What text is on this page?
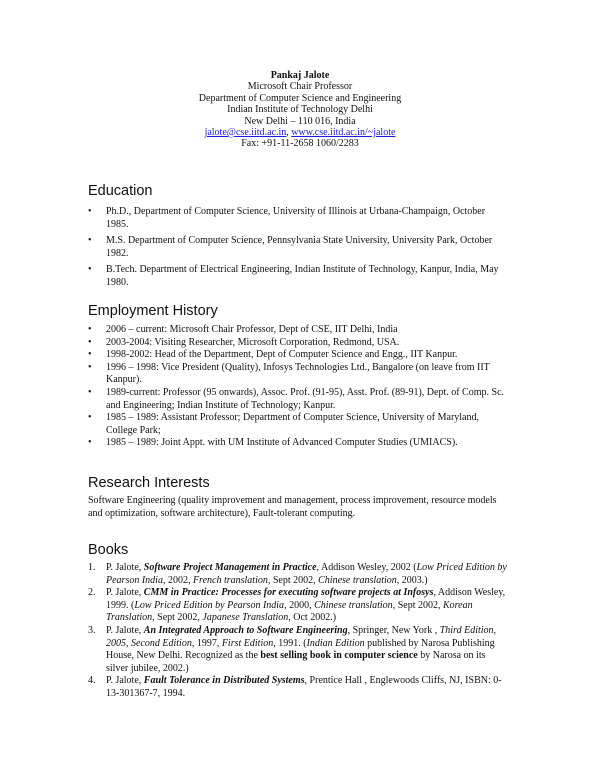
Pankaj Jalote
Microsoft Chair Professor
Department of Computer Science and Engineering
Indian Institute of Technology Delhi
New Delhi – 110 016, India
jalote@cse.iitd.ac.in, www.cse.iitd.ac.in/~jalote
Fax: +91-11-2658 1060/2283
Education
• Ph.D., Department of Computer Science, University of Illinois at Urbana-Champaign, October 1985.
• M.S. Department of Computer Science, Pennsylvania State University, University Park, October 1982.
• B.Tech. Department of Electrical Engineering, Indian Institute of Technology, Kanpur, India, May 1980.
Employment History
• 2006 – current: Microsoft Chair Professor, Dept of CSE, IIT Delhi, India
• 2003-2004: Visiting Researcher, Microsoft Corporation, Redmond, USA.
• 1998-2002: Head of the Department, Dept of Computer Science and Engg., IIT Kanpur.
• 1996 – 1998: Vice President (Quality), Infosys Technologies Ltd., Bangalore (on leave from IIT Kanpur).
• 1989-current: Professor (95 onwards), Assoc. Prof. (91-95), Asst. Prof. (89-91), Dept. of Comp. Sc. and Engineering; Indian Institute of Technology; Kanpur.
• 1985 – 1989: Assistant Professor; Department of Computer Science, University of Maryland, College Park;
• 1985 – 1989: Joint Appt. with UM Institute of Advanced Computer Studies (UMIACS).
Research Interests

Software Engineering (quality improvement and management, process improvement, resource models and optimization, software architecture), Fault-tolerant computing.

Books
1. P. Jalote, Software Project Management in Practice, Addison Wesley, 2002 (Low Priced Edition by Pearson India, 2002, French translation, Sept 2002, Chinese translation, 2003.)
2. P. Jalote, CMM in Practice: Processes for executing software projects at Infosys, Addison Wesley, 1999. (Low Priced Edition by Pearson India, 2000, Chinese translation, Sept 2002, Korean Translation, Sept 2002, Japanese Translation, Oct 2002.)
3. P. Jalote, An Integrated Approach to Software Engineering, Springer, New York , Third Edition, 2005, Second Edition, 1997, First Edition, 1991. (Indian Edition published by Narosa Publishing House, New Delhi. Recognized as the best selling book in computer science by Narosa on its silver jubilee, 2002.)
4. P. Jalote, Fault Tolerance in Distributed Systems, Prentice Hall , Englewoods Cliffs, NJ, ISBN: 0-13-301367-7, 1994.
